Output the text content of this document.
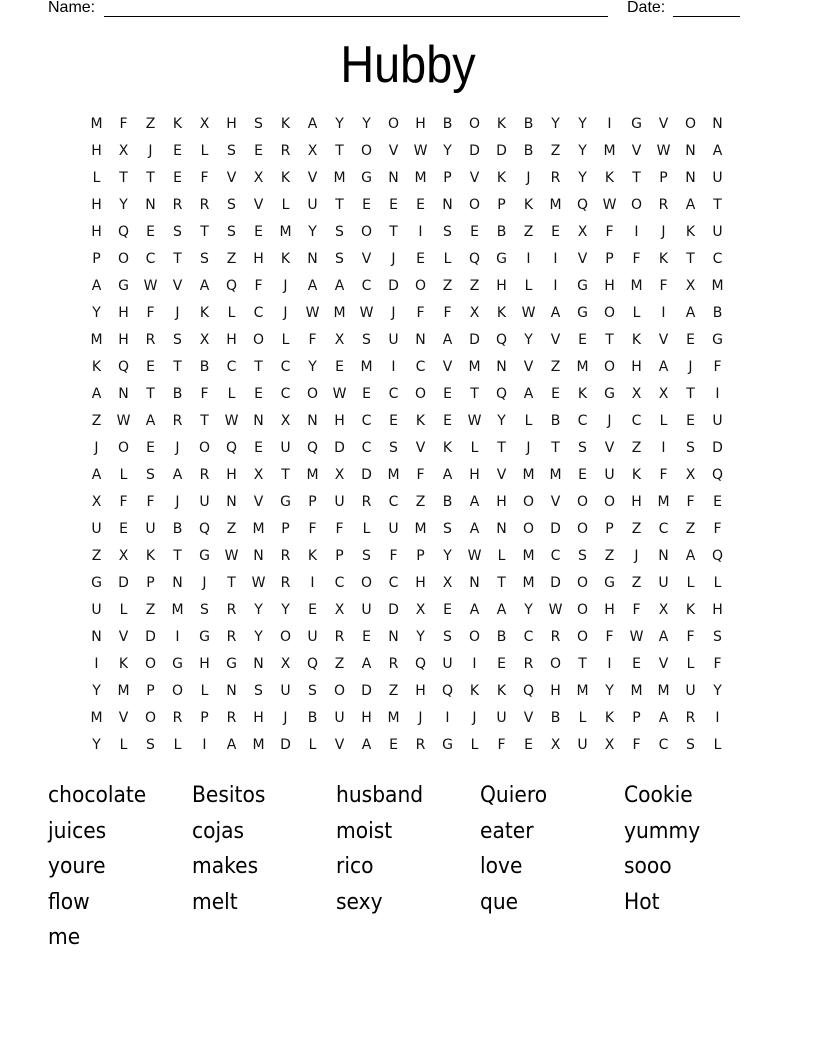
Name:	Date:
Hubby
M	F	Z	K	X	H	S	K	A	Y	Y	O	H	B	O	K	B	Y	Y	I	G	V	O	N
H	X	J	E	L	S	E	R	X	T	O	V	W	Y	D	D	B	Z	Y	M	V	W	N	A
L	T	T	E	F	V	X	K	V	M	G	N	M	P	V	K	J	R	Y	K	T	P	N	U
H	Y	N	R	R	S	V	L	U	T	E	E	E	N	O	P	K	M	Q	W	O	R	A	T
H	Q	E	S	T	S	E	M	Y	S	O	T	I	S	E	B	Z	E	X	F	I	J	K	U
P	O	C	T	S	Z	H	K	N	S	V	J	E	L	Q	G	I	I	V	P	F	K	T	C
A	G	W	V	A	Q	F	J	A	A	C	D	O	Z	Z	H	L	I	G	H	M	F	X	M
Y	H	F	J	K	L	C	J	W	M	W	J	F	F	X	K	W	A	G	O	L	I	A	B
M	H	R	S	X	H	O	L	F	X	S	U	N	A	D	Q	Y	V	E	T	K	V	E	G
K	Q	E	T	B	C	T	C	Y	E	M	I	C	V	M	N	V	Z	M	O	H	A	J	F
A	N	T	B	F	L	E	C	O	W	E	C	O	E	T	Q	A	E	K	G	X	X	T	I
Z	W	A	R	T	W	N	X	N	H	C	E	K	E	W	Y	L	B	C	J	C	L	E	U
J	O	E	J	O	Q	E	U	Q	D	C	S	V	K	L	T	J	T	S	V	Z	I	S	D
A	L	S	A	R	H	X	T	M	X	D	M	F	A	H	V	M	M	E	U	K	F	X	Q
X	F	F	J	U	N	V	G	P	U	R	C	Z	B	A	H	O	V	O	O	H	M	F	E
U	E	U	B	Q	Z	M	P	F	F	L	U	M	S	A	N	O	D	O	P	Z	C	Z	F
Z	X	K	T	G	W	N	R	K	P	S	F	P	Y	W	L	M	C	S	Z	J	N	A	Q
G	D	P	N	J	T	W	R	I	C	O	C	H	X	N	T	M	D	O	G	Z	U	L	L
U	L	Z	M	S	R	Y	Y	E	X	U	D	X	E	A	A	Y	W	O	H	F	X	K	H
N	V	D	I	G	R	Y	O	U	R	E	N	Y	S	O	B	C	R	O	F	W	A	F	S
I	K	O	G	H	G	N	X	Q	Z	A	R	Q	U	I	E	R	O	T	I	E	V	L	F
Y	M	P	O	L	N	S	U	S	O	D	Z	H	Q	K	K	Q	H	M	Y	M	M	U	Y
M	V	O	R	P	R	H	J	B	U	H	M	J	I	J	U	V	B	L	K	P	A	R	I
Y	L	S	L	I	A	M	D	L	V	A	E	R	G	L	F	E	X	U	X	F	C	S	L
chocolate	Besitos	husband	Quiero	Cookie
juices	cojas	moist	eater	yummy
youre	makes	rico	love	sooo
flow	melt	sexy	que	Hot
me
